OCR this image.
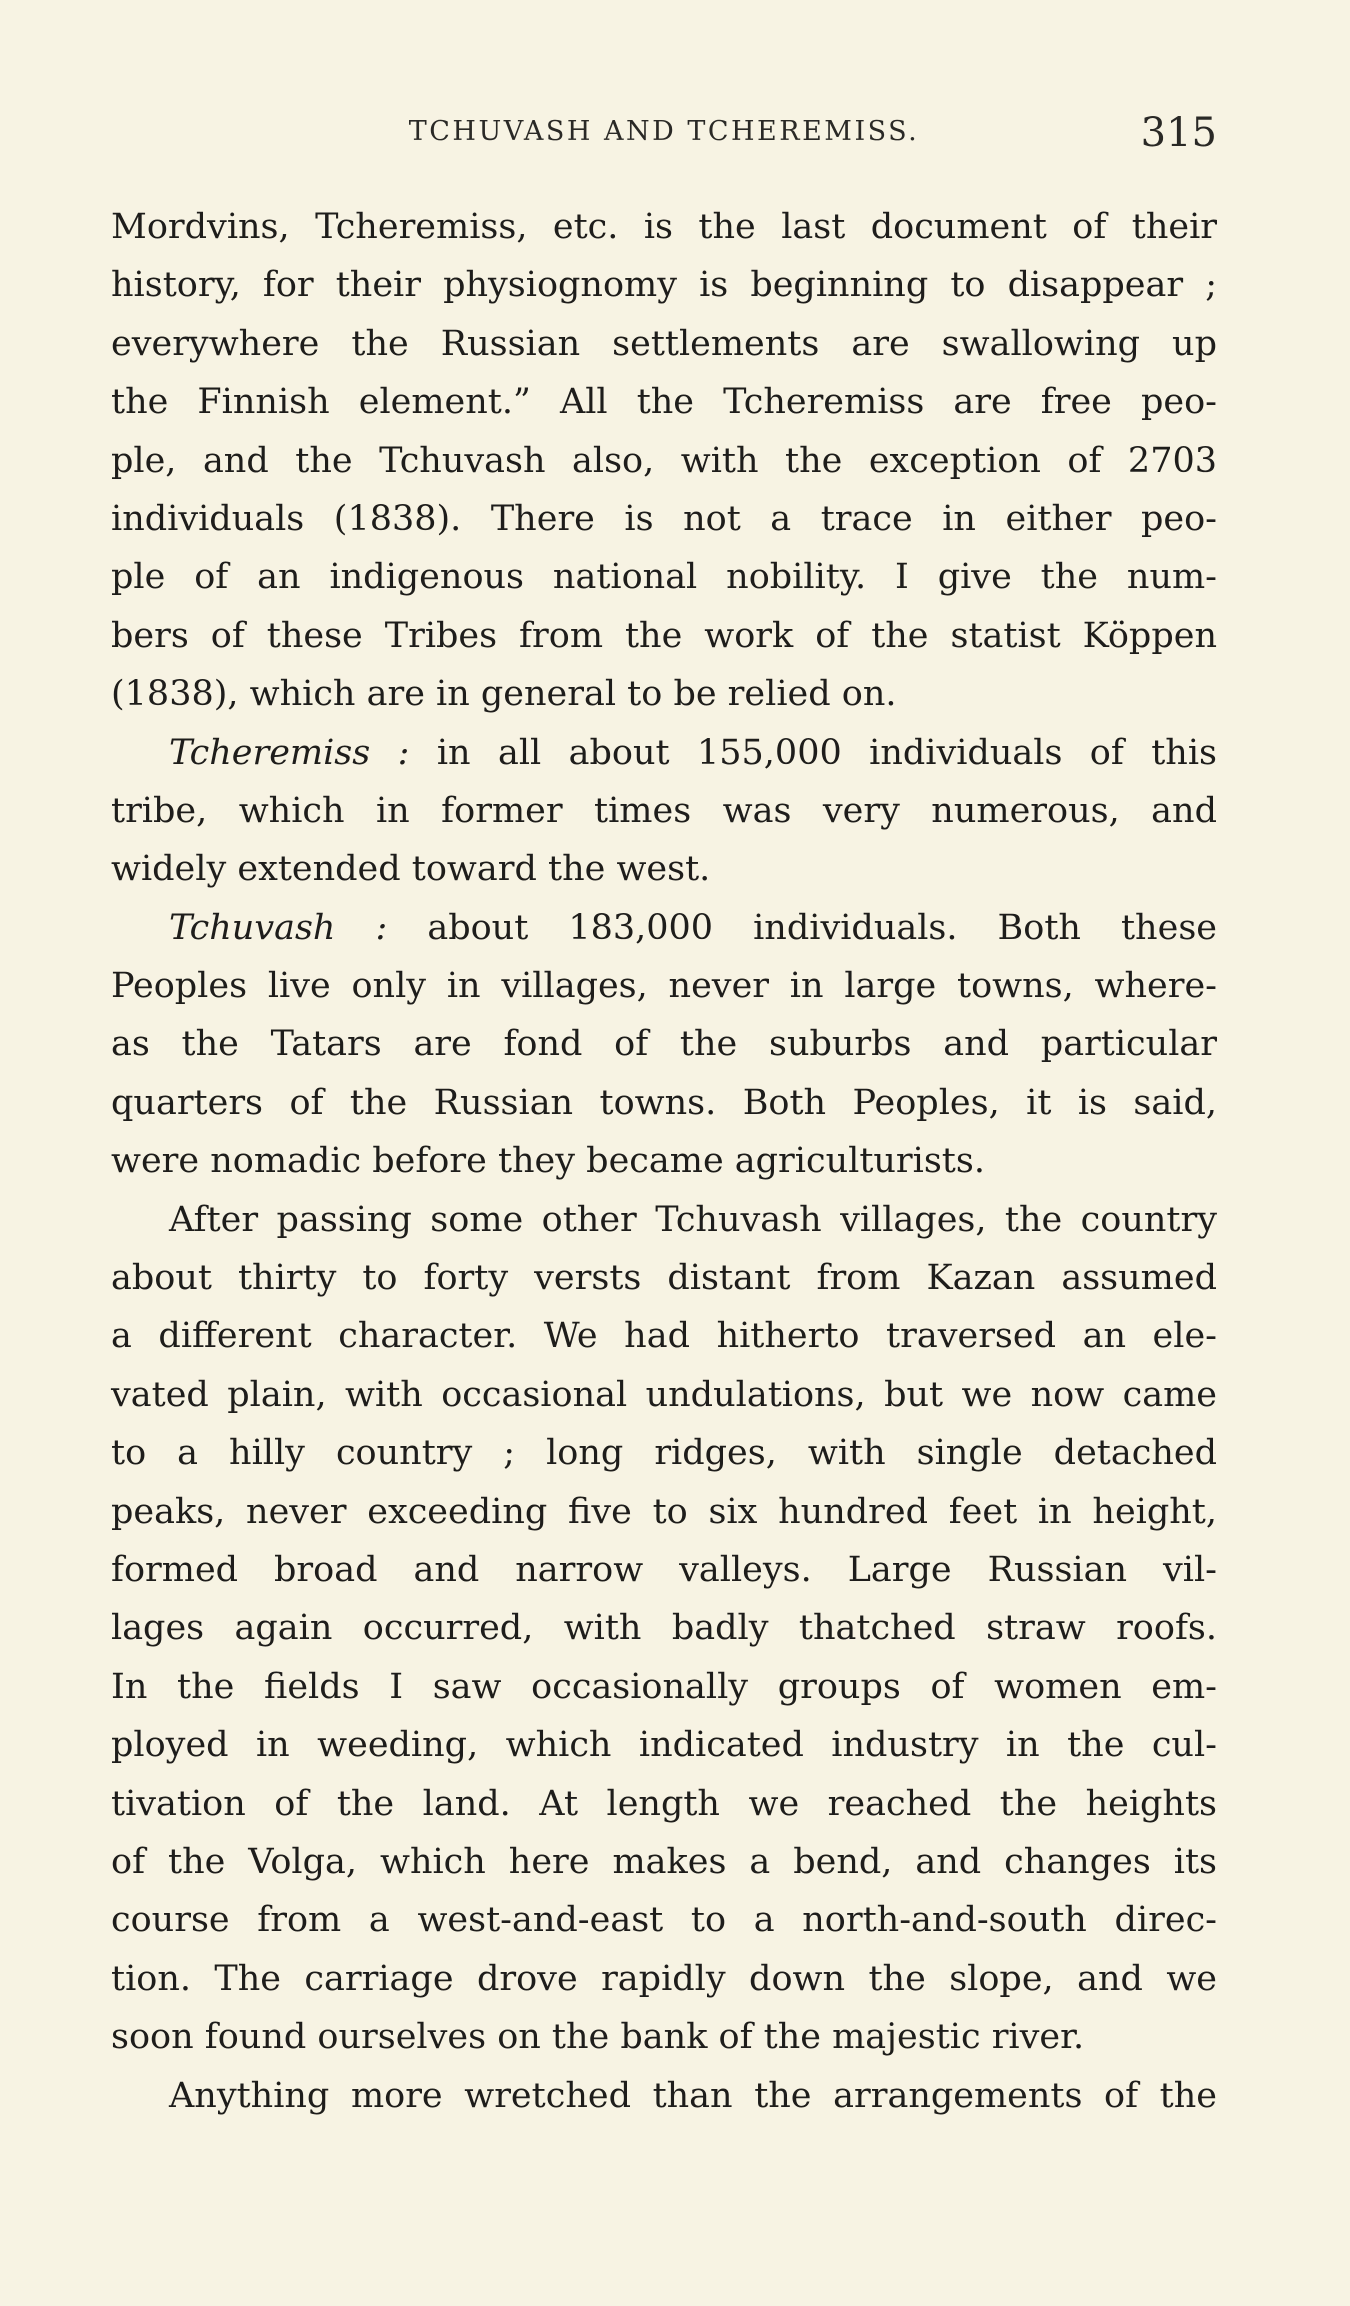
TCHUVASH AND TCHEREMISS.	315
Mordvins, Tcheremiss, etc. is the last document of their
history, for their physiognomy is beginning to disappear ;
everywhere the Russian settlements are swallowing up
the Finnish element.” All the Tcheremiss are free peo-
ple, and the Tchuvash also, with the exception of 2703
individuals (1838). There is not a trace in either peo-
ple of an indigenous national nobility. I give the num-
bers of these Tribes from the work of the statist Köppen
(1838), which are in general to be relied on.
Tcheremiss : in all about 155,000 individuals of this
tribe, which in former times was very numerous, and
widely extended toward the west.
Tchuvash : about 183,000 individuals. Both these
Peoples live only in villages, never in large towns, where-
as the Tatars are fond of the suburbs and particular
quarters of the Russian towns. Both Peoples, it is said,
were nomadic before they became agriculturists.
After passing some other Tchuvash villages, the country
about thirty to forty versts distant from Kazan assumed
a different character. We had hitherto traversed an ele-
vated plain, with occasional undulations, but we now came
to a hilly country ; long ridges, with single detached
peaks, never exceeding five to six hundred feet in height,
formed broad and narrow valleys. Large Russian vil-
lages again occurred, with badly thatched straw roofs.
In the fields I saw occasionally groups of women em-
ployed in weeding, which indicated industry in the cul-
tivation of the land. At length we reached the heights
of the Volga, which here makes a bend, and changes its
course from a west-and-east to a north-and-south direc-
tion. The carriage drove rapidly down the slope, and we
soon found ourselves on the bank of the majestic river.
Anything more wretched than the arrangements of the
